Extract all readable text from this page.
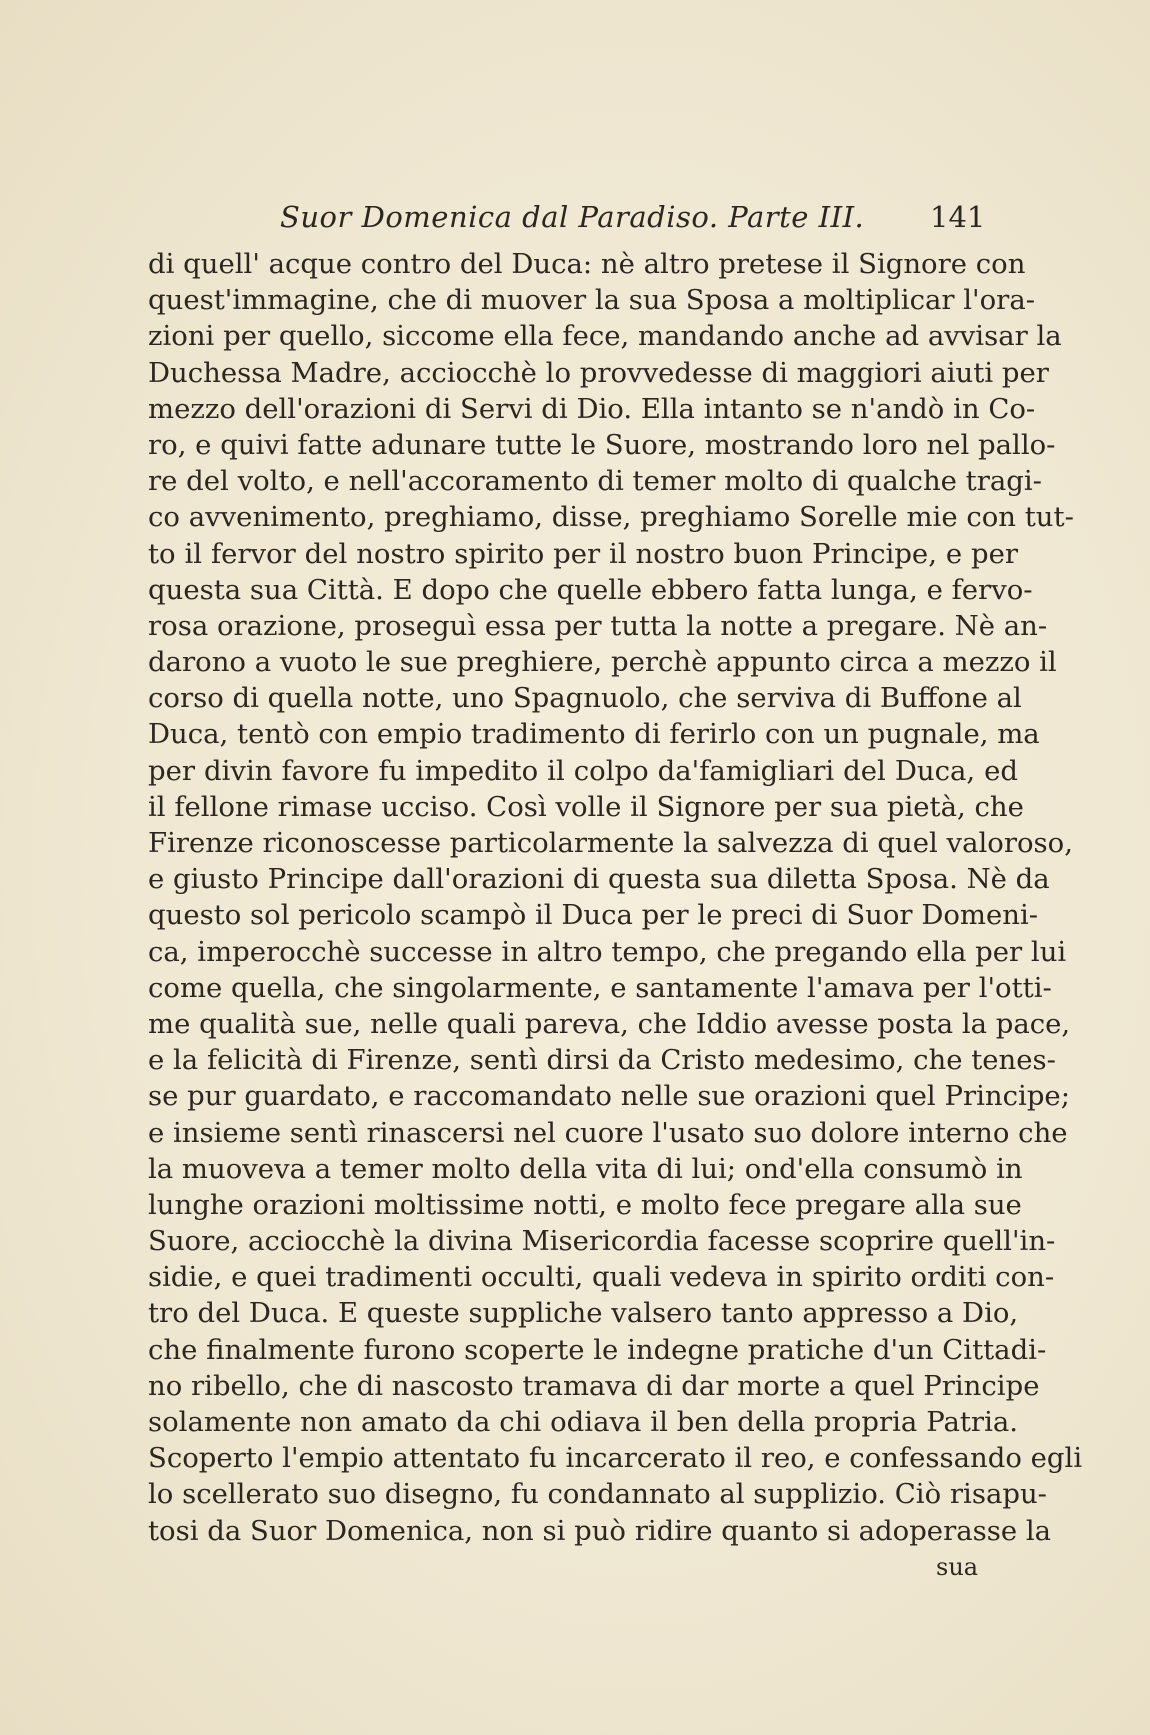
Suor Domenica dal Paradiso. Parte III. 141
di quell' acque contro del Duca: nè altro pretese il Signore con
quest'immagine, che di muover la sua Sposa a moltiplicar l'ora-
zioni per quello, siccome ella fece, mandando anche ad avvisar la
Duchessa Madre, acciocchè lo provvedesse di maggiori aiuti per
mezzo dell'orazioni di Servi di Dio. Ella intanto se n'andò in Co-
ro, e quivi fatte adunare tutte le Suore, mostrando loro nel pallo-
re del volto, e nell'accoramento di temer molto di qualche tragi-
co avvenimento, preghiamo, disse, preghiamo Sorelle mie con tut-
to il fervor del nostro spirito per il nostro buon Principe, e per
questa sua Città. E dopo che quelle ebbero fatta lunga, e fervo-
rosa orazione, proseguì essa per tutta la notte a pregare. Nè an-
darono a vuoto le sue preghiere, perchè appunto circa a mezzo il
corso di quella notte, uno Spagnuolo, che serviva di Buffone al
Duca, tentò con empio tradimento di ferirlo con un pugnale, ma
per divin favore fu impedito il colpo da'famigliari del Duca, ed
il fellone rimase ucciso. Così volle il Signore per sua pietà, che
Firenze riconoscesse particolarmente la salvezza di quel valoroso,
e giusto Principe dall'orazioni di questa sua diletta Sposa. Nè da
questo sol pericolo scampò il Duca per le preci di Suor Domeni-
ca, imperocchè successe in altro tempo, che pregando ella per lui
come quella, che singolarmente, e santamente l'amava per l'otti-
me qualità sue, nelle quali pareva, che Iddio avesse posta la pace,
e la felicità di Firenze, sentì dirsi da Cristo medesimo, che tenes-
se pur guardato, e raccomandato nelle sue orazioni quel Principe;
e insieme sentì rinascersi nel cuore l'usato suo dolore interno che
la muoveva a temer molto della vita di lui; ond'ella consumò in
lunghe orazioni moltissime notti, e molto fece pregare alla sue
Suore, acciocchè la divina Misericordia facesse scoprire quell'in-
sidie, e quei tradimenti occulti, quali vedeva in spirito orditi con-
tro del Duca. E queste suppliche valsero tanto appresso a Dio,
che finalmente furono scoperte le indegne pratiche d'un Cittadi-
no ribello, che di nascosto tramava di dar morte a quel Principe
solamente non amato da chi odiava il ben della propria Patria.
Scoperto l'empio attentato fu incarcerato il reo, e confessando egli
lo scellerato suo disegno, fu condannato al supplizio. Ciò risapu-
tosi da Suor Domenica, non si può ridire quanto si adoperasse la
sua
